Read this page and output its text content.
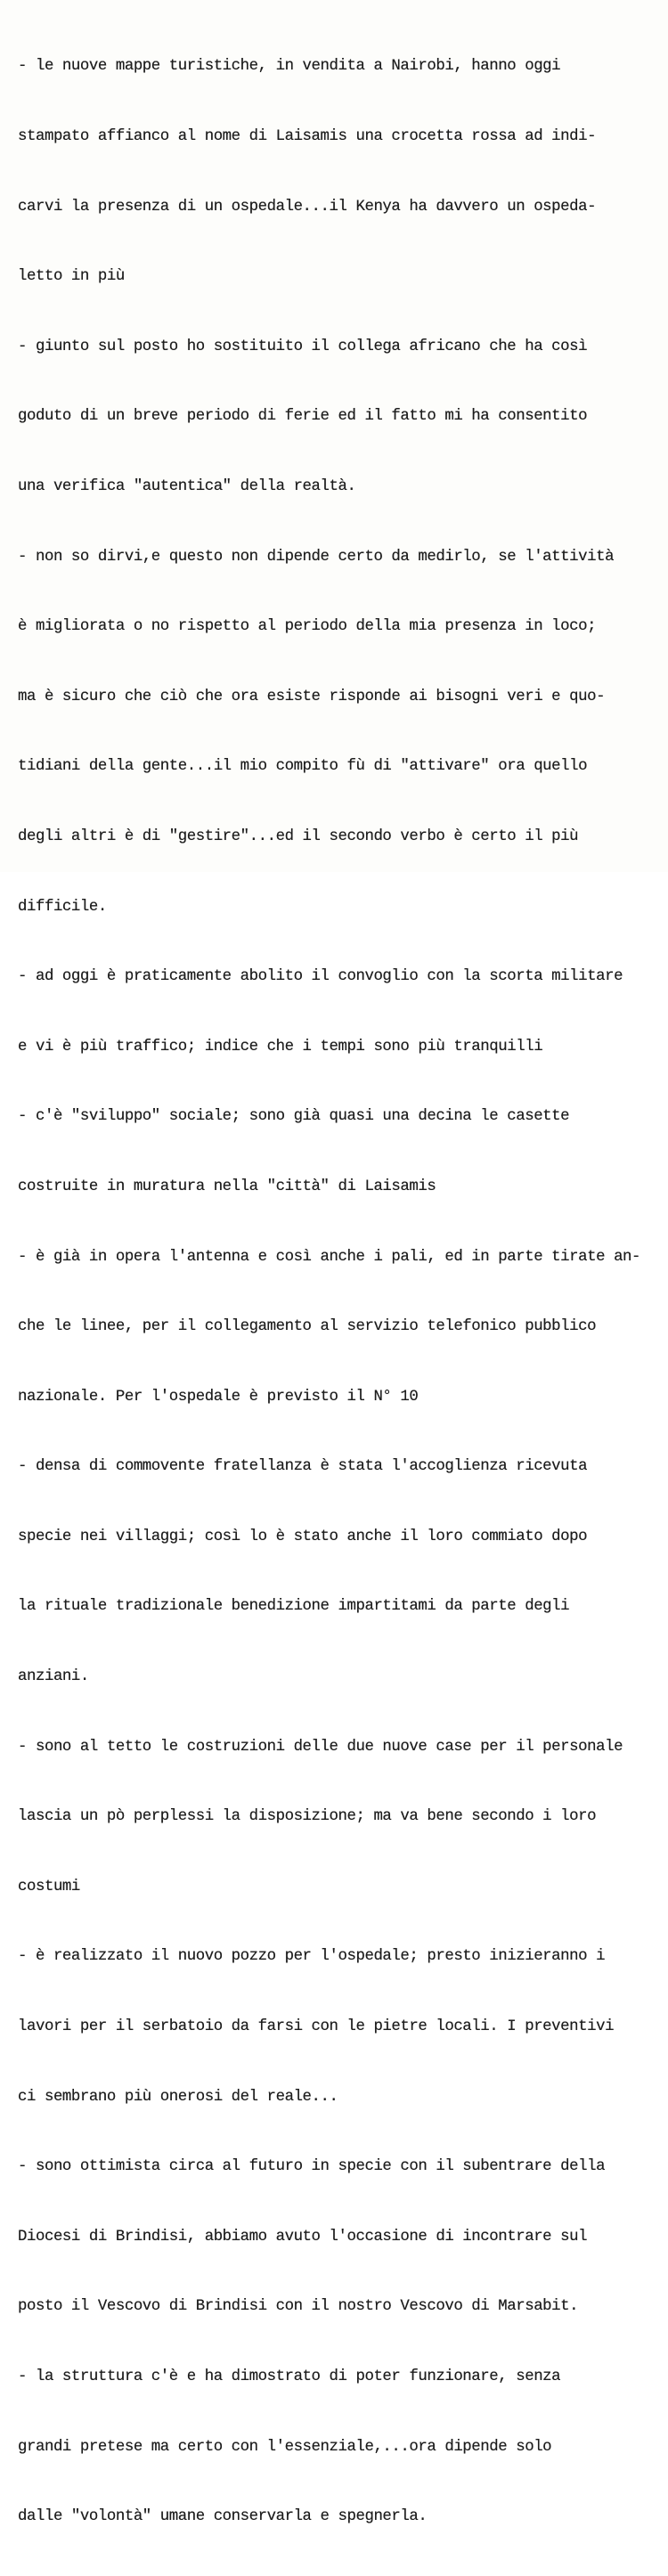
- le nuove mappe turistiche, in vendita a Nairobi, hanno oggi

stampato affianco al nome di Laisamis una crocetta rossa ad indi-

carvi la presenza di un ospedale...il Kenya ha davvero un ospeda-

letto in più

- giunto sul posto ho sostituito il collega africano che ha così

goduto di un breve periodo di ferie ed il fatto mi ha consentito

una verifica "autentica" della realtà.

- non so dirvi,e questo non dipende certo da medirlo, se l'attività

è migliorata o no rispetto al periodo della mia presenza in loco;

ma è sicuro che ciò che ora esiste risponde ai bisogni veri e quo-

tidiani della gente...il mio compito fù di "attivare" ora quello

degli altri è di "gestire"...ed il secondo verbo è certo il più

difficile.

- ad oggi è praticamente abolito il convoglio con la scorta militare

e vi è più traffico; indice che i tempi sono più tranquilli

- c'è "sviluppo" sociale; sono già quasi una decina le casette

costruite in muratura nella "città" di Laisamis

- è già in opera l'antenna e così anche i pali, ed in parte tirate an-

che le linee, per il collegamento al servizio telefonico pubblico

nazionale. Per l'ospedale è previsto il N° 10

- densa di commovente fratellanza è stata l'accoglienza ricevuta

specie nei villaggi; così lo è stato anche il loro commiato dopo

la rituale tradizionale benedizione impartitami da parte degli

anziani.

- sono al tetto le costruzioni delle due nuove case per il personale

lascia un pò perplessi la disposizione; ma va bene secondo i loro

costumi

- è realizzato il nuovo pozzo per l'ospedale; presto inizieranno i

lavori per il serbatoio da farsi con le pietre locali. I preventivi

ci sembrano più onerosi del reale...

- sono ottimista circa al futuro in specie con il subentrare della

Diocesi di Brindisi, abbiamo avuto l'occasione di incontrare sul

posto il Vescovo di Brindisi con il nostro Vescovo di Marsabit.

- la struttura c'è e ha dimostrato di poter funzionare, senza

grandi pretese ma certo con l'essenziale,...ora dipende solo

dalle "volontà" umane conservarla e spegnerla.
